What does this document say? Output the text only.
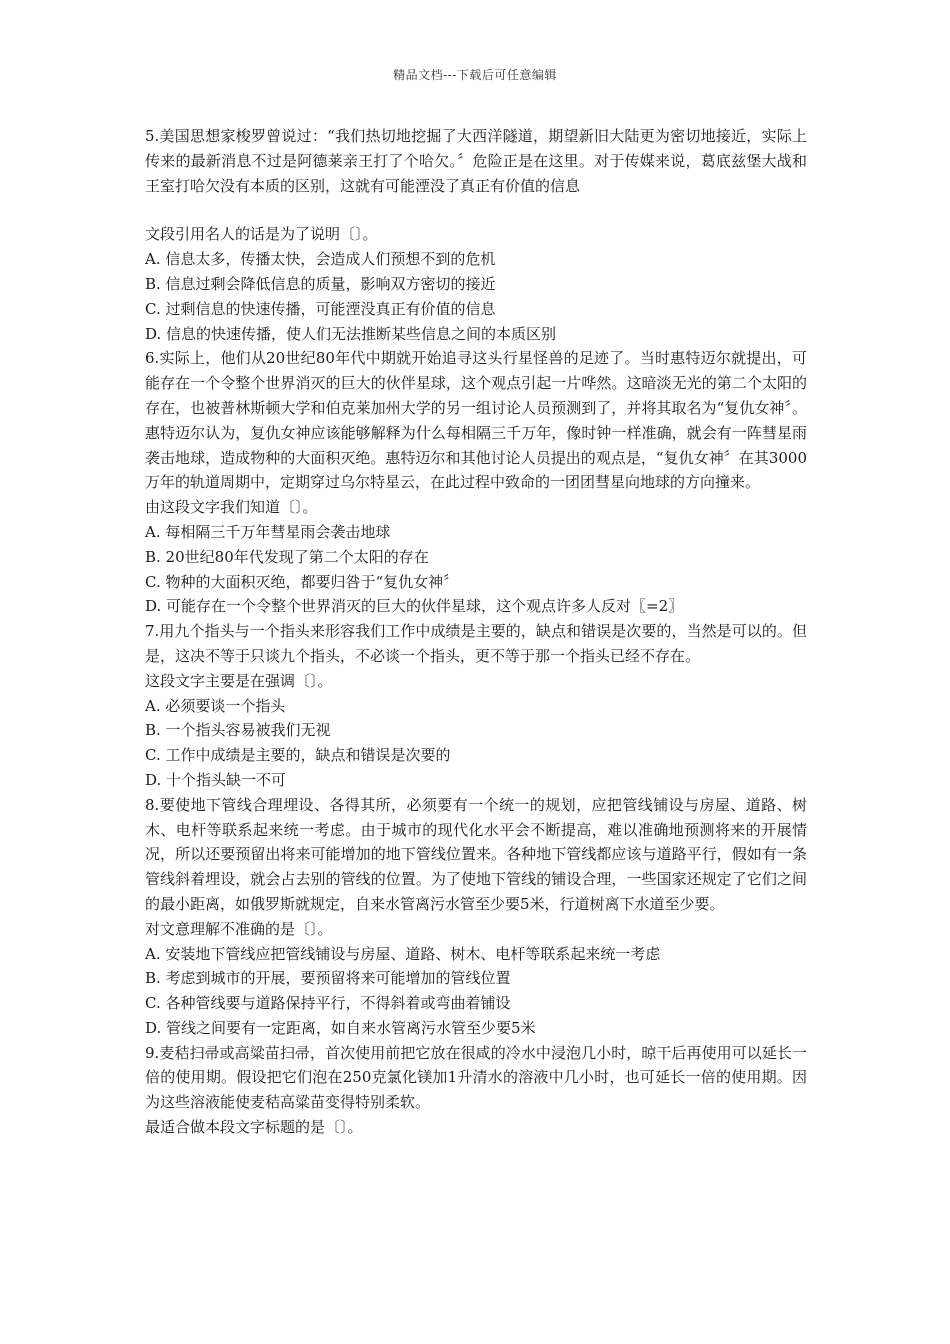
精品文档---下载后可任意编辑

5.美国思想家梭罗曾说过：“我们热切地挖掘了大西洋隧道，期望新旧大陆更为密切地接近，实际上传来的最新消息不过是阿德莱亲王打了个哈欠。〞危险正是在这里。对于传媒来说，葛底兹堡大战和王室打哈欠没有本质的区别，这就有可能湮没了真正有价值的信息

文段引用名人的话是为了说明〔〕。

A. 信息太多，传播太快，会造成人们预想不到的危机

B. 信息过剩会降低信息的质量，影响双方密切的接近

C. 过剩信息的快速传播，可能湮没真正有价值的信息

D. 信息的快速传播，使人们无法推断某些信息之间的本质区别

6.实际上，他们从20世纪80年代中期就开始追寻这头行星怪兽的足迹了。当时惠特迈尔就提出，可能存在一个令整个世界消灭的巨大的伙伴星球，这个观点引起一片哗然。这暗淡无光的第二个太阳的存在，也被普林斯顿大学和伯克莱加州大学的另一组讨论人员预测到了，并将其取名为“复仇女神〞。惠特迈尔认为，复仇女神应该能够解释为什么每相隔三千万年，像时钟一样准确，就会有一阵彗星雨袭击地球，造成物种的大面积灭绝。惠特迈尔和其他讨论人员提出的观点是，“复仇女神〞在其3000万年的轨道周期中，定期穿过乌尔特星云，在此过程中致命的一团团彗星向地球的方向撞来。

由这段文字我们知道〔〕。

A. 每相隔三千万年彗星雨会袭击地球

B. 20世纪80年代发现了第二个太阳的存在

C. 物种的大面积灭绝，都要归咎于“复仇女神〞

D. 可能存在一个令整个世界消灭的巨大的伙伴星球，这个观点许多人反对〖=2〗

7.用九个指头与一个指头来形容我们工作中成绩是主要的，缺点和错误是次要的，当然是可以的。但是，这决不等于只谈九个指头，不必谈一个指头，更不等于那一个指头已经不存在。

这段文字主要是在强调〔〕。

A. 必须要谈一个指头

B. 一个指头容易被我们无视

C. 工作中成绩是主要的，缺点和错误是次要的

D. 十个指头缺一不可

8.要使地下管线合理埋设、各得其所，必须要有一个统一的规划，应把管线铺设与房屋、道路、树木、电杆等联系起来统一考虑。由于城市的现代化水平会不断提高，难以准确地预测将来的开展情况，所以还要预留出将来可能增加的地下管线位置来。各种地下管线都应该与道路平行，假如有一条管线斜着埋设，就会占去别的管线的位置。为了使地下管线的铺设合理，一些国家还规定了它们之间的最小距离，如俄罗斯就规定，自来水管离污水管至少要5米，行道树离下水道至少要。

对文意理解不准确的是〔〕。

A. 安装地下管线应把管线铺设与房屋、道路、树木、电杆等联系起来统一考虑

B. 考虑到城市的开展，要预留将来可能增加的管线位置

C. 各种管线要与道路保持平行，不得斜着或弯曲着铺设

D. 管线之间要有一定距离，如自来水管离污水管至少要5米

9.麦秸扫帚或高粱苗扫帚，首次使用前把它放在很咸的冷水中浸泡几小时，晾干后再使用可以延长一倍的使用期。假设把它们泡在250克氯化镁加1升清水的溶液中几小时，也可延长一倍的使用期。因为这些溶液能使麦秸高粱苗变得特别柔软。

最适合做本段文字标题的是〔〕。
